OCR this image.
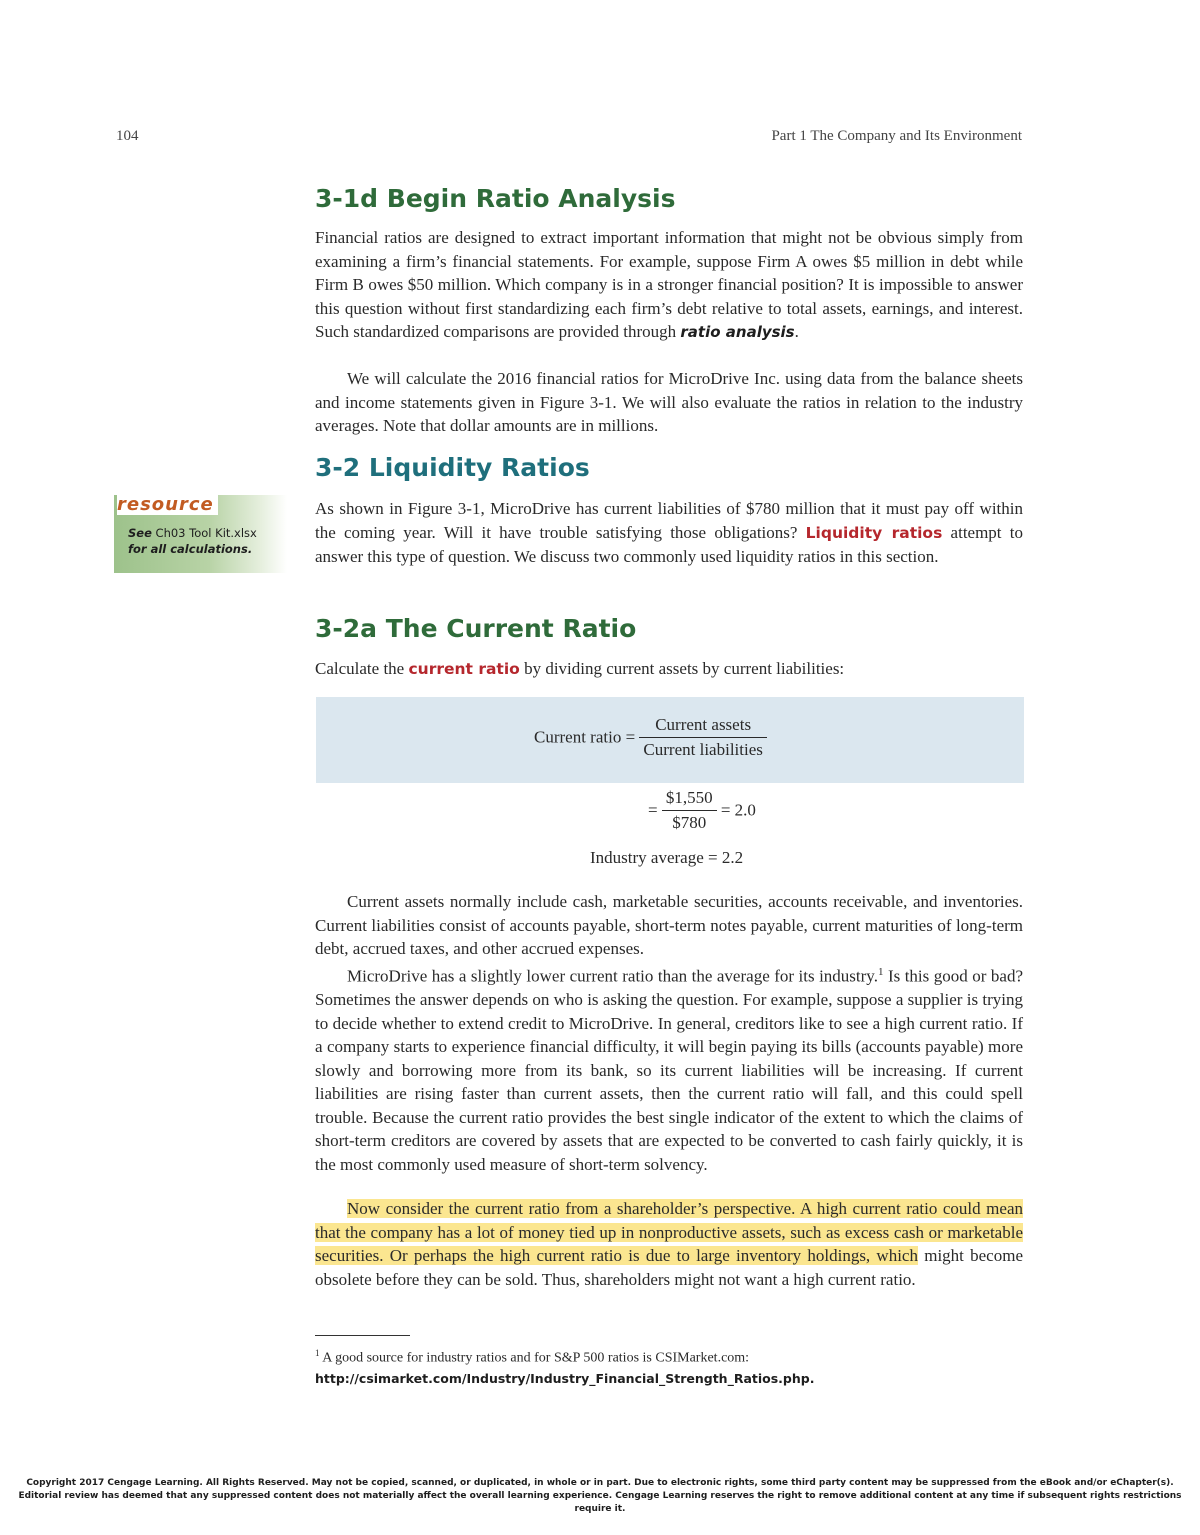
104	Part 1 The Company and Its Environment
3-1d Begin Ratio Analysis

Financial ratios are designed to extract important information that might not be obvious simply from examining a firm’s financial statements. For example, suppose Firm A owes $5 million in debt while Firm B owes $50 million. Which company is in a stronger financial position? It is impossible to answer this question without first standardizing each firm’s debt relative to total assets, earnings, and interest. Such standardized comparisons are provided through ratio analysis.

We will calculate the 2016 financial ratios for MicroDrive Inc. using data from the balance sheets and income statements given in Figure 3-1. We will also evaluate the ratios in relation to the industry averages. Note that dollar amounts are in millions.

3-2 Liquidity Ratios
resource
See Ch03 Tool Kit.xlsx
for all calculations.

As shown in Figure 3-1, MicroDrive has current liabilities of $780 million that it must pay off within the coming year. Will it have trouble satisfying those obligations? Liquidity ratios attempt to answer this type of question. We discuss two commonly used liquidity ratios in this section.

3-2a The Current Ratio

Calculate the current ratio by dividing current assets by current liabilities:

Current ratio = $\frac{\text{Current assets}}{\text{Current liabilities}}$
= $\frac{\$1,550}{\$780} = 2.0$
Industry average = 2.2

Current assets normally include cash, marketable securities, accounts receivable, and inventories. Current liabilities consist of accounts payable, short-term notes payable, current maturities of long-term debt, accrued taxes, and other accrued expenses.

MicroDrive has a slightly lower current ratio than the average for its industry.$^1$ Is this good or bad? Sometimes the answer depends on who is asking the question. For example, suppose a supplier is trying to decide whether to extend credit to MicroDrive. In general, creditors like to see a high current ratio. If a company starts to experience financial difficulty, it will begin paying its bills (accounts payable) more slowly and borrowing more from its bank, so its current liabilities will be increasing. If current liabilities are rising faster than current assets, then the current ratio will fall, and this could spell trouble. Because the current ratio provides the best single indicator of the extent to which the claims of short-term creditors are covered by assets that are expected to be converted to cash fairly quickly, it is the most commonly used measure of short-term solvency.

Now consider the current ratio from a shareholder’s perspective. A high current ratio could mean that the company has a lot of money tied up in nonproductive assets, such as excess cash or marketable securities. Or perhaps the high current ratio is due to large inventory holdings, which might become obsolete before they can be sold. Thus, shareholders might not want a high current ratio.

$^1$ A good source for industry ratios and for S&P 500 ratios is CSIMarket.com: http://csimarket.com/Industry/Industry_Financial_Strength_Ratios.php.

Copyright 2017 Cengage Learning. All Rights Reserved. May not be copied, scanned, or duplicated, in whole or in part. Due to electronic rights, some third party content may be suppressed from the eBook and/or eChapter(s).
Editorial review has deemed that any suppressed content does not materially affect the overall learning experience. Cengage Learning reserves the right to remove additional content at any time if subsequent rights restrictions require it.
